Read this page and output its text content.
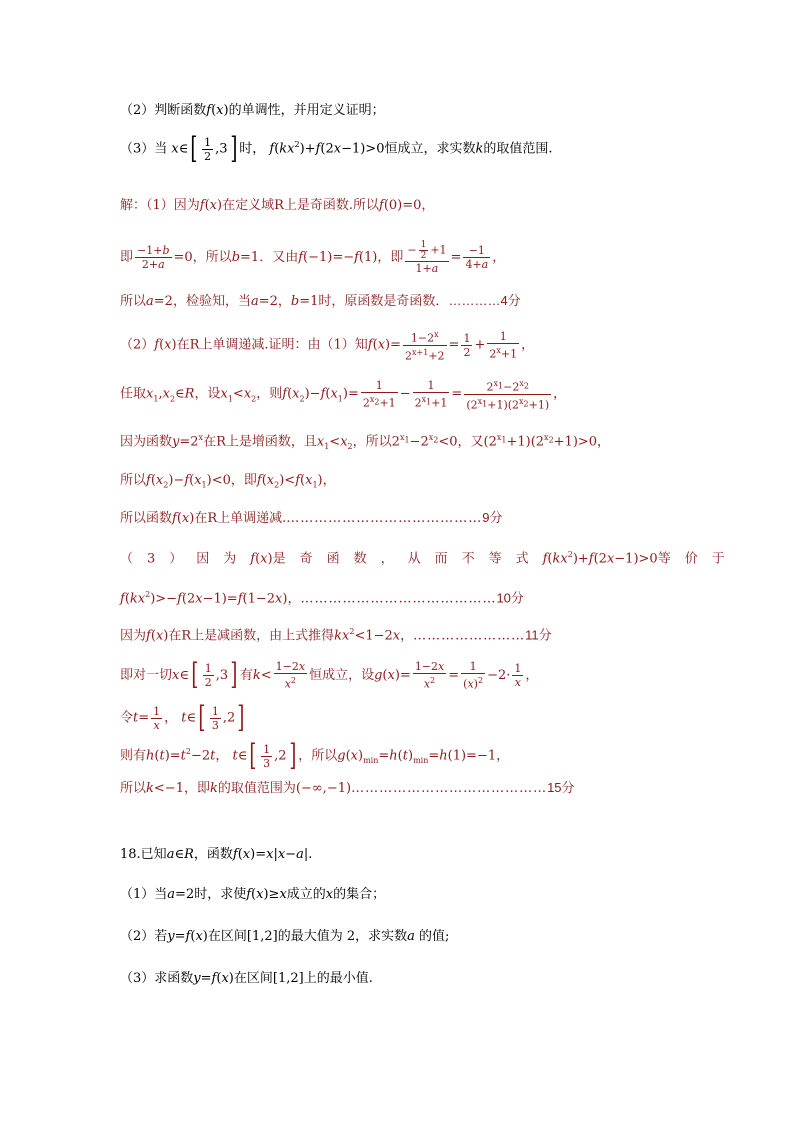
（2）判断函数f(x)的单调性，并用定义证明；
（3）当 x∈[ $\frac{1}{2} ,3$] 时， $f(kx^2)+f(2x-1)>0$恒成立，求实数k的取值范围.
解：（1）因为f(x)在定义域R上是奇函数.所以f(0)=0，
即 $\frac{-1+b}{2+a} =0$，所以b=1．又由f(−1)=−f(1)，即 $\frac{- \frac{1}{2} +1}{1+a} = \frac{-1}{4+a}$ ，
所以a=2，检验知，当a=2，b=1时，原函数是奇函数．…………4分
（2）f(x)在R上单调递减.证明：由（1）知$f(x)= \frac{1-2^x}{2^{x+1}+2} = \frac{1}{2} + \frac{1}{2^x+1}$ ，
任取$x_1,x_2\in R$，设$x_1<x_2$，则$f(x_2)-f(x_1)= \frac{1}{2^{x_2}+1} - \frac{1}{2^{x_1}+1} = \frac{2^{x_1}-2^{x_2}}{(2^{x_1}+1)(2^{x_2}+1)}$ ，
因为函数$y=2^x$在R上是增函数，且$x_1<x_2$，所以$2^{x_1}-2^{x_2}<0$，又$(2^{x_1}+1)(2^{x_2}+1)>0$，
所以$f(x_2)-f(x_1)<0$，即$f(x_2)<f(x_1)$，
所以函数f(x)在R上单调递减.……………………………………9分
（3）因为f(x)是奇函数，从而不等式$f(kx^2)+f(2x-1)>0$等价于
$f(kx^2)>-f(2x-1)=f(1-2x)$，……………………………………10分
因为f(x)在R上是减函数，由上式推得$kx^2<1-2x$，……………………11分
即对一切x∈[ $\frac{1}{2} ,3$] 有$k< \frac{1-2x}{x^2}$ 恒成立，设$g(x)= \frac{1-2x}{x^2} = \frac{1}{(x)^2} -2\cdot \frac{1}{x}$ ，
令$t= \frac{1}{x}$ ， t∈[ $\frac{1}{3} ,2$]
则有$h(t)=t^2-2t$， t∈[ $\frac{1}{3} ,2$] ，所以$g(x)_{min}=h(t)_{min}=h(1)=-1$，
所以k<−1，即k的取值范围为(−∞,−1)……………………………………15分
18.已知a∈R，函数f(x)=x|x−a|.
（1）当a=2时，求使f(x)≥x成立的x的集合；
（2）若y=f(x)在区间[1,2]的最大值为 2，求实数a 的值;
（3）求函数y=f(x)在区间[1,2]上的最小值.
